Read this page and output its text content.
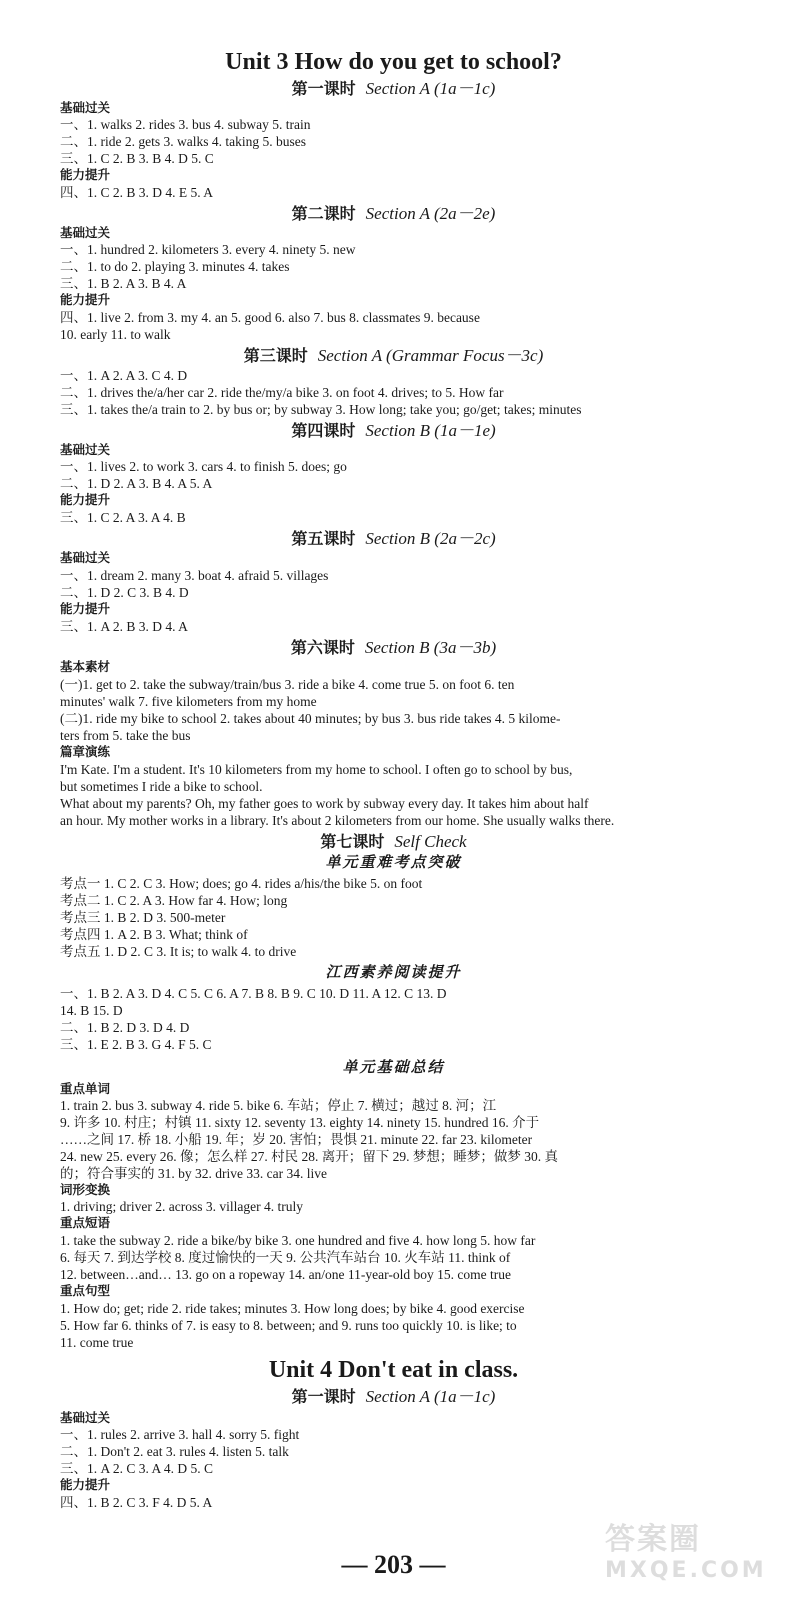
Unit 3 How do you get to school?
第一课时 Section A (1a－1c)
基础过关
一、1. walks 2. rides 3. bus 4. subway 5. train
二、1. ride 2. gets 3. walks 4. taking 5. buses
三、1. C 2. B 3. B 4. D 5. C
能力提升
四、1. C 2. B 3. D 4. E 5. A
第二课时 Section A (2a－2e)
基础过关
一、1. hundred 2. kilometers 3. every 4. ninety 5. new
二、1. to do 2. playing 3. minutes 4. takes
三、1. B 2. A 3. B 4. A
能力提升
四、1. live 2. from 3. my 4. an 5. good 6. also 7. bus 8. classmates 9. because
10. early 11. to walk
第三课时 Section A (Grammar Focus－3c)
一、1. A 2. A 3. C 4. D
二、1. drives the/a/her car 2. ride the/my/a bike 3. on foot 4. drives; to 5. How far
三、1. takes the/a train to 2. by bus or; by subway 3. How long; take you; go/get; takes; minutes
第四课时 Section B (1a－1e)
基础过关
一、1. lives 2. to work 3. cars 4. to finish 5. does; go
二、1. D 2. A 3. B 4. A 5. A
能力提升
三、1. C 2. A 3. A 4. B
第五课时 Section B (2a－2c)
基础过关
一、1. dream 2. many 3. boat 4. afraid 5. villages
二、1. D 2. C 3. B 4. D
能力提升
三、1. A 2. B 3. D 4. A
第六课时 Section B (3a－3b)
基本素材
(一)1. get to 2. take the subway/train/bus 3. ride a bike 4. come true 5. on foot 6. ten
minutes' walk 7. five kilometers from my home
(二)1. ride my bike to school 2. takes about 40 minutes; by bus 3. bus ride takes 4. 5 kilome-
ters from 5. take the bus
篇章演练
I'm Kate. I'm a student. It's 10 kilometers from my home to school. I often go to school by bus,
but sometimes I ride a bike to school.
What about my parents? Oh, my father goes to work by subway every day. It takes him about half
an hour. My mother works in a library. It's about 2 kilometers from our home. She usually walks there.
第七课时 Self Check
单元重难考点突破
考点一 1. C 2. C 3. How; does; go 4. rides a/his/the bike 5. on foot
考点二 1. C 2. A 3. How far 4. How; long
考点三 1. B 2. D 3. 500-meter
考点四 1. A 2. B 3. What; think of
考点五 1. D 2. C 3. It is; to walk 4. to drive
江西素养阅读提升
一、1. B 2. A 3. D 4. C 5. C 6. A 7. B 8. B 9. C 10. D 11. A 12. C 13. D
14. B 15. D
二、1. B 2. D 3. D 4. D
三、1. E 2. B 3. G 4. F 5. C
单元基础总结
重点单词
1. train 2. bus 3. subway 4. ride 5. bike 6. 车站；停止 7. 横过；越过 8. 河；江
9. 许多 10. 村庄；村镇 11. sixty 12. seventy 13. eighty 14. ninety 15. hundred 16. 介于
……之间 17. 桥 18. 小船 19. 年；岁 20. 害怕；畏惧 21. minute 22. far 23. kilometer
24. new 25. every 26. 像；怎么样 27. 村民 28. 离开；留下 29. 梦想；睡梦；做梦 30. 真
的；符合事实的 31. by 32. drive 33. car 34. live
词形变换
1. driving; driver 2. across 3. villager 4. truly
重点短语
1. take the subway 2. ride a bike/by bike 3. one hundred and five 4. how long 5. how far
6. 每天 7. 到达学校 8. 度过愉快的一天 9. 公共汽车站台 10. 火车站 11. think of
12. between…and… 13. go on a ropeway 14. an/one 11-year-old boy 15. come true
重点句型
1. How do; get; ride 2. ride takes; minutes 3. How long does; by bike 4. good exercise
5. How far 6. thinks of 7. is easy to 8. between; and 9. runs too quickly 10. is like; to
11. come true
Unit 4 Don't eat in class.
第一课时 Section A (1a－1c)
基础过关
一、1. rules 2. arrive 3. hall 4. sorry 5. fight
二、1. Don't 2. eat 3. rules 4. listen 5. talk
三、1. A 2. C 3. A 4. D 5. C
能力提升
四、1. B 2. C 3. F 4. D 5. A
— 203 —
答案圈
MXQE.COM
